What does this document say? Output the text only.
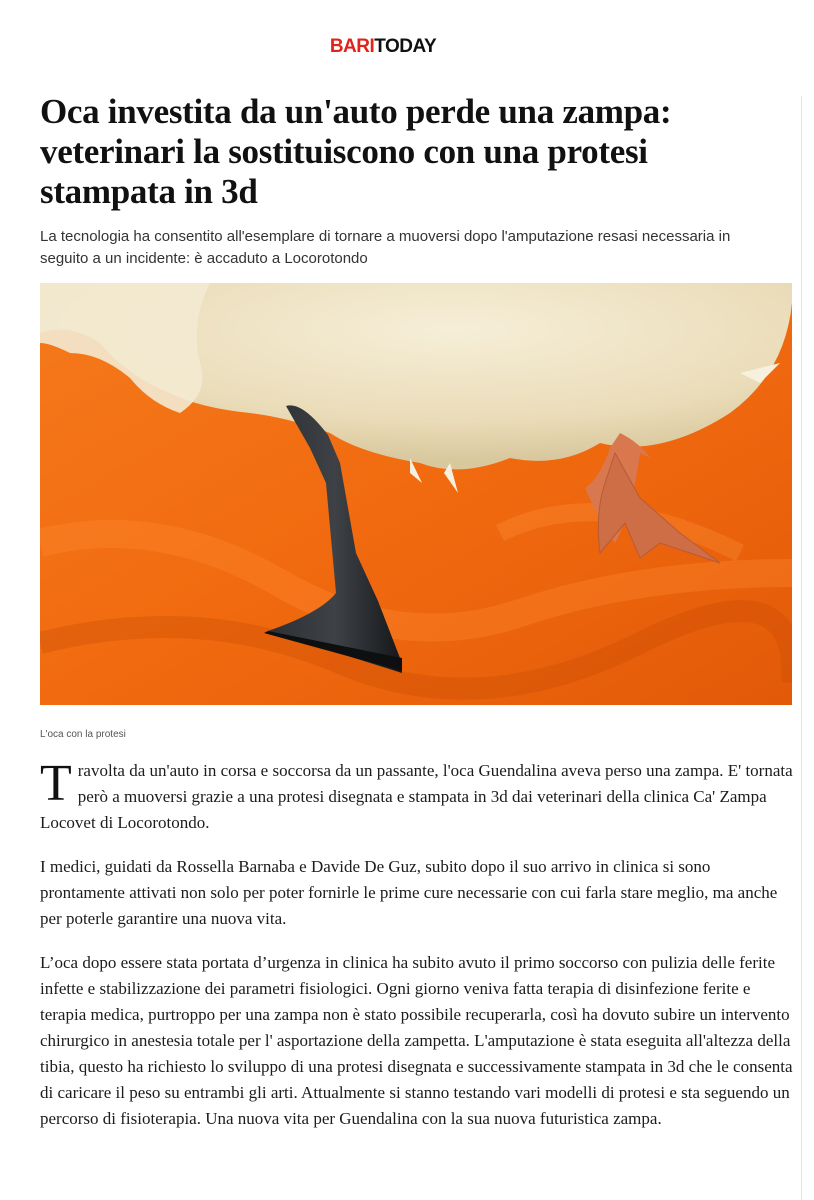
BARITODAY
Oca investita da un'auto perde una zampa: veterinari la sostituiscono con una protesi stampata in 3d

La tecnologia ha consentito all'esemplare di tornare a muoversi dopo l'amputazione resasi necessaria in seguito a un incidente: è accaduto a Locorotondo

L'oca con la protesi

Travolta da un'auto in corsa e soccorsa da un passante, l'oca Guendalina aveva perso una zampa. E' tornata però a muoversi grazie a una protesi disegnata e stampata in 3d dai veterinari della clinica Ca' Zampa Locovet di Locorotondo.

I medici, guidati da Rossella Barnaba e Davide De Guz, subito dopo il suo arrivo in clinica si sono prontamente attivati non solo per poter fornirle le prime cure necessarie con cui farla stare meglio, ma anche per poterle garantire una nuova vita.

L’oca dopo essere stata portata d’urgenza in clinica ha subito avuto il primo soccorso con pulizia delle ferite infette e stabilizzazione dei parametri fisiologici. Ogni giorno veniva fatta terapia di disinfezione ferite e terapia medica, purtroppo per una zampa non è stato possibile recuperarla, così ha dovuto subire un intervento chirurgico in anestesia totale per l' asportazione della zampetta. L'amputazione è stata eseguita all'altezza della tibia, questo ha richiesto lo sviluppo di una protesi disegnata e successivamente stampata in 3d che le consenta di caricare il peso su entrambi gli arti. Attualmente si stanno testando vari modelli di protesi e sta seguendo un percorso di fisioterapia. Una nuova vita per Guendalina con la sua nuova futuristica zampa.
